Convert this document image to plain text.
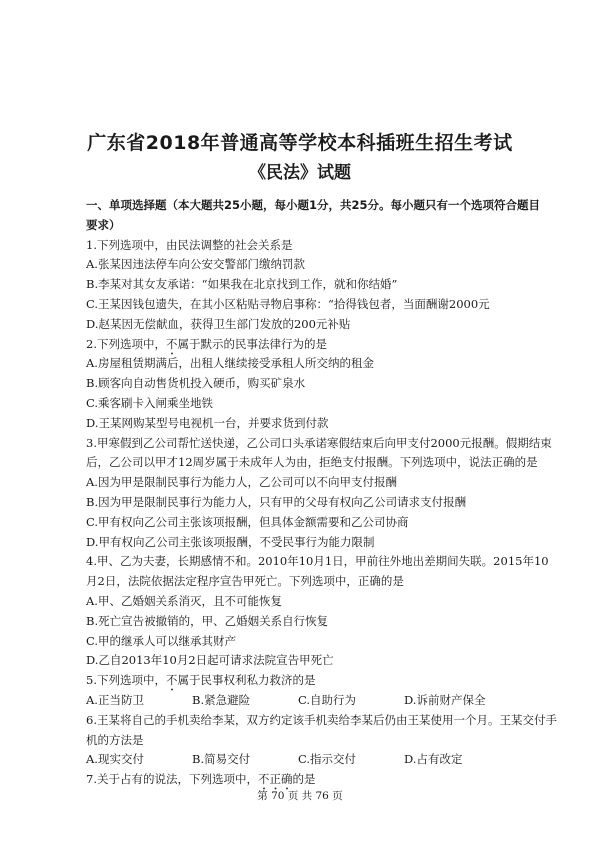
广东省2018年普通高等学校本科插班生招生考试
《民法》试题
一、单项选择题（本大题共25小题，每小题1分，共25分。每小题只有一个选项符合题目
要求）
1.下列选项中，由民法调整的社会关系是
A.张某因违法停车向公安交警部门缴纳罚款
B.李某对其女友承诺：“如果我在北京找到工作，就和你结婚”
C.王某因钱包遗失，在其小区粘贴寻物启事称：“拾得钱包者，当面酬谢2000元
D.赵某因无偿献血，获得卫生部门发放的200元补贴
2.下列选项中，不属于默示的民事法律行为的是
A.房屋租赁期满后，出租人继续接受承租人所交纳的租金
B.顾客向自动售货机投入硬币，购买矿泉水
C.乘客刷卡入闸乘坐地铁
D.王某网购某型号电视机一台，并要求货到付款
3.甲寒假到乙公司帮忙送快递，乙公司口头承诺寒假结束后向甲支付2000元报酬。假期结束
后，乙公司以甲才12周岁属于未成年人为由，拒绝支付报酬。下列选项中，说法正确的是
A.因为甲是限制民事行为能力人，乙公司可以不向甲支付报酬
B.因为甲是限制民事行为能力人，只有甲的父母有权向乙公司请求支付报酬
C.甲有权向乙公司主张该项报酬，但具体金额需要和乙公司协商
D.甲有权向乙公司主张该项报酬，不受民事行为能力限制
4.甲、乙为夫妻，长期感情不和。2010年10月1日，甲前往外地出差期间失联。2015年10
月2日，法院依据法定程序宣告甲死亡。下列选项中，正确的是
A.甲、乙婚姻关系消灭，且不可能恢复
B.死亡宣告被撤销的，甲、乙婚姻关系自行恢复
C.甲的继承人可以继承其财产
D.乙自2013年10月2日起可请求法院宣告甲死亡
5.下列选项中，不属于民事权利私力救济的是
A.正当防卫	B.紧急避险	C.自助行为	D.诉前财产保全
6.王某将自己的手机卖给李某，双方约定该手机卖给李某后仍由王某使用一个月。王某交付手
机的方法是
A.现实交付	B.简易交付	C.指示交付	D.占有改定
7.关于占有的说法，下列选项中，不正确的是
第 70 页 共 76 页
